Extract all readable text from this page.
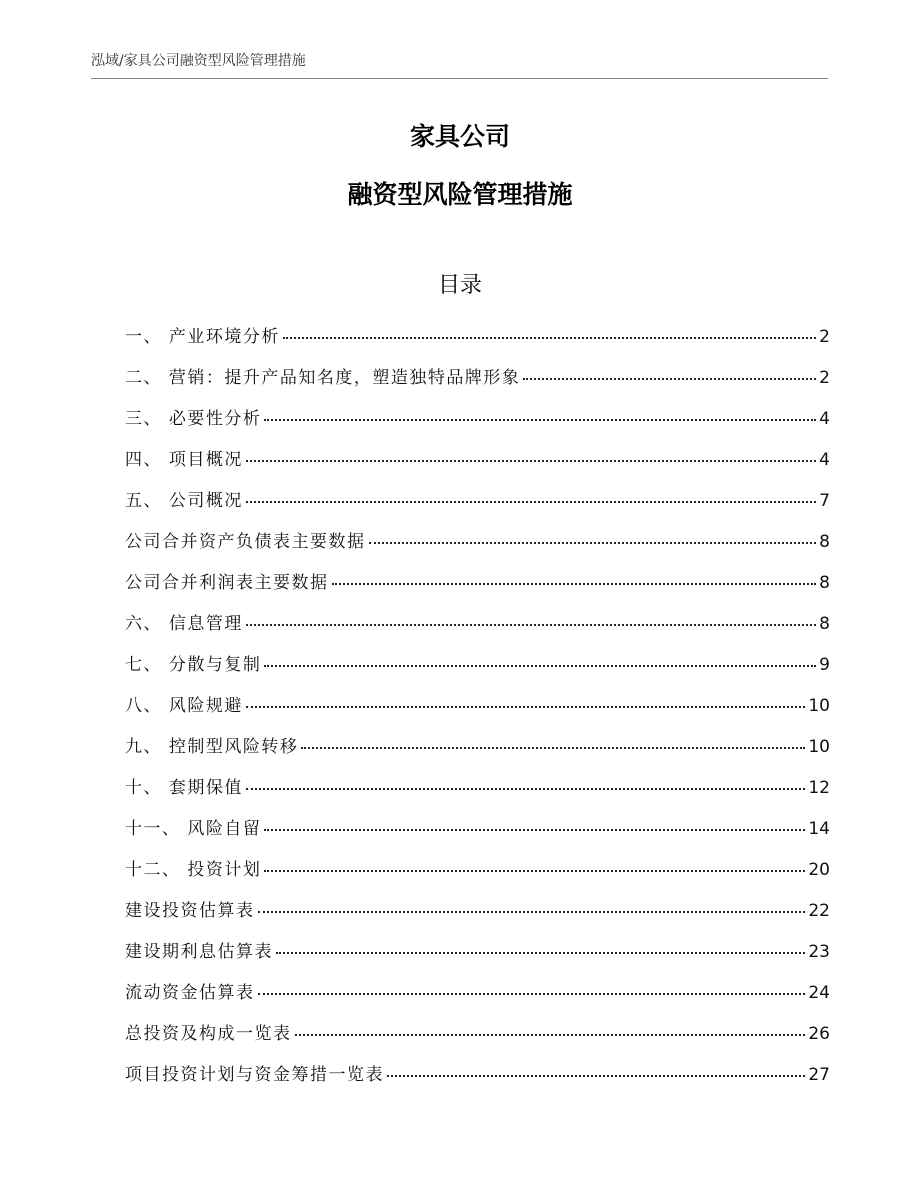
泓域/家具公司融资型风险管理措施
家具公司
融资型风险管理措施
目录
一、 产业环境分析	2
二、 营销：提升产品知名度，塑造独特品牌形象	2
三、 必要性分析	4
四、 项目概况	4
五、 公司概况	7
公司合并资产负债表主要数据	8
公司合并利润表主要数据	8
六、 信息管理	8
七、 分散与复制	9
八、 风险规避	10
九、 控制型风险转移	10
十、 套期保值	12
十一、 风险自留	14
十二、 投资计划	20
建设投资估算表	22
建设期利息估算表	23
流动资金估算表	24
总投资及构成一览表	26
项目投资计划与资金筹措一览表	27
